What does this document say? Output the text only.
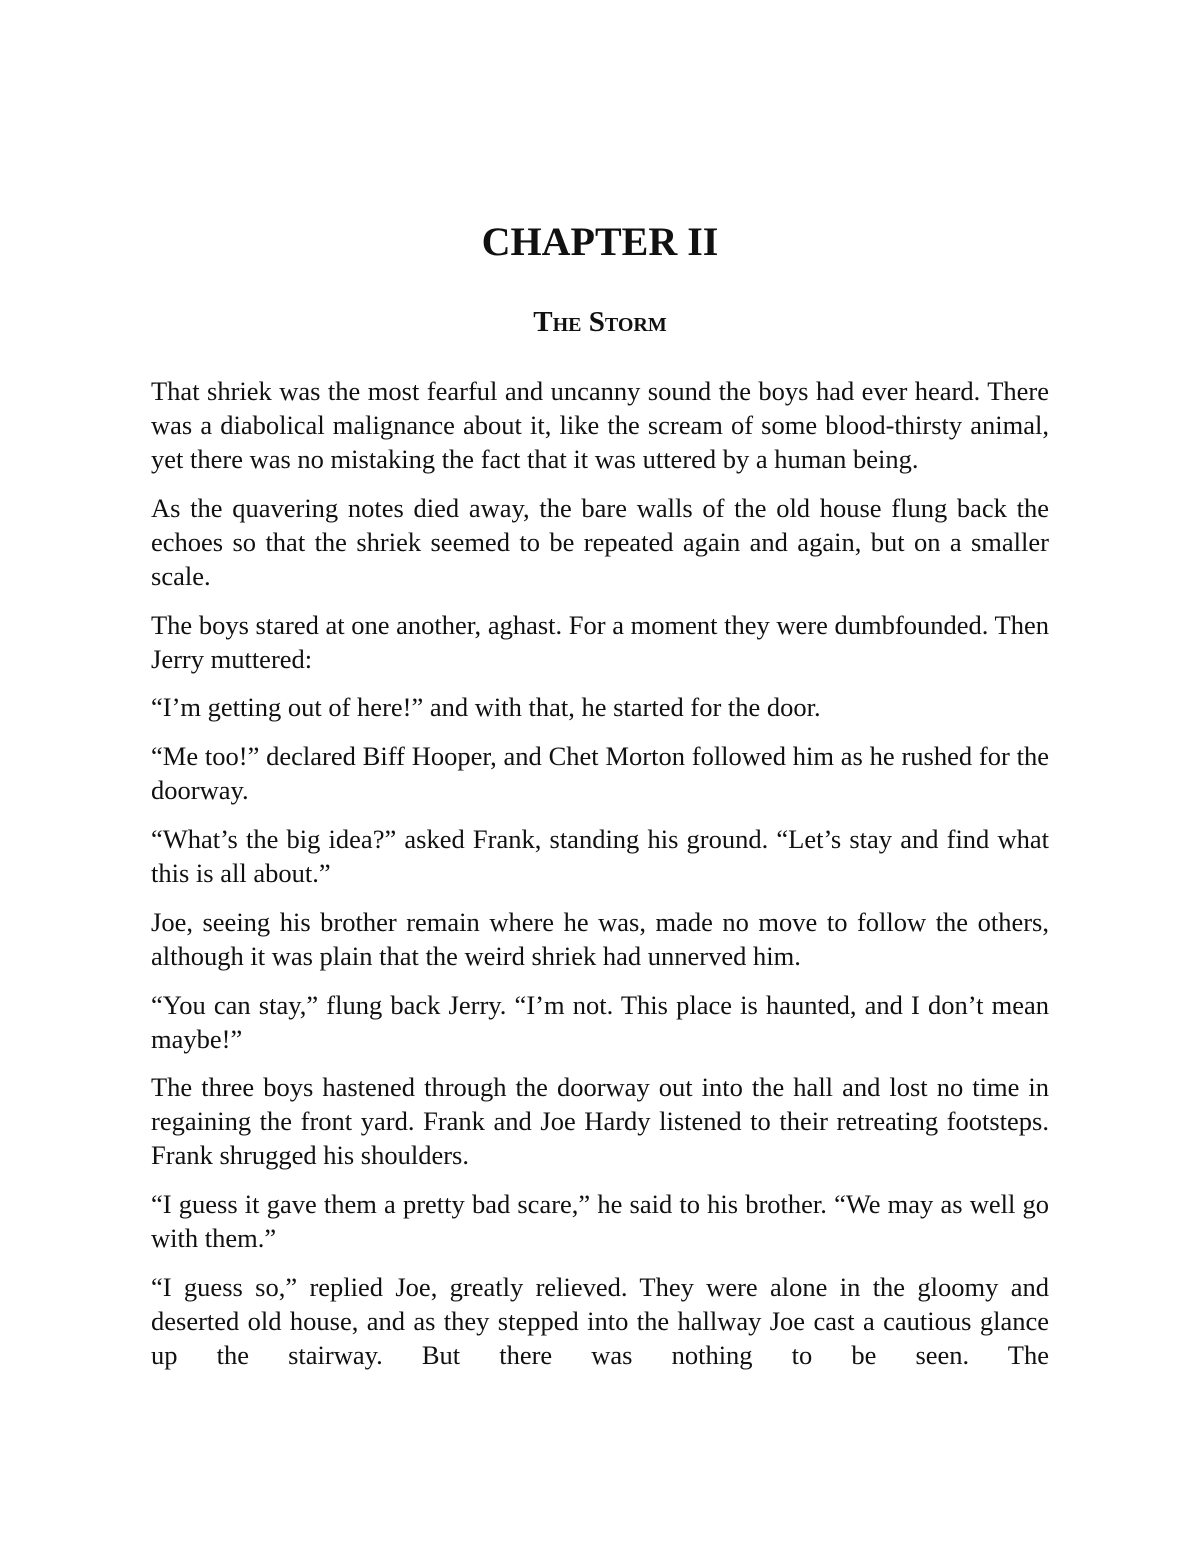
CHAPTER II
The Storm

That shriek was the most fearful and uncanny sound the boys had ever heard. There was a diabolical malignance about it, like the scream of some blood-thirsty animal, yet there was no mistaking the fact that it was uttered by a human being.

As the quavering notes died away, the bare walls of the old house flung back the echoes so that the shriek seemed to be repeated again and again, but on a smaller scale.

The boys stared at one another, aghast. For a moment they were dumbfounded. Then Jerry muttered:

“I’m getting out of here!” and with that, he started for the door.

“Me too!” declared Biff Hooper, and Chet Morton followed him as he rushed for the doorway.

“What’s the big idea?” asked Frank, standing his ground. “Let’s stay and find what this is all about.”

Joe, seeing his brother remain where he was, made no move to follow the others, although it was plain that the weird shriek had unnerved him.

“You can stay,” flung back Jerry. “I’m not. This place is haunted, and I don’t mean maybe!”

The three boys hastened through the doorway out into the hall and lost no time in regaining the front yard. Frank and Joe Hardy listened to their retreating footsteps. Frank shrugged his shoulders.

“I guess it gave them a pretty bad scare,” he said to his brother. “We may as well go with them.”

“I guess so,” replied Joe, greatly relieved. They were alone in the gloomy and deserted old house, and as they stepped into the hallway Joe cast a cautious glance up the stairway. But there was nothing to be seen. The
